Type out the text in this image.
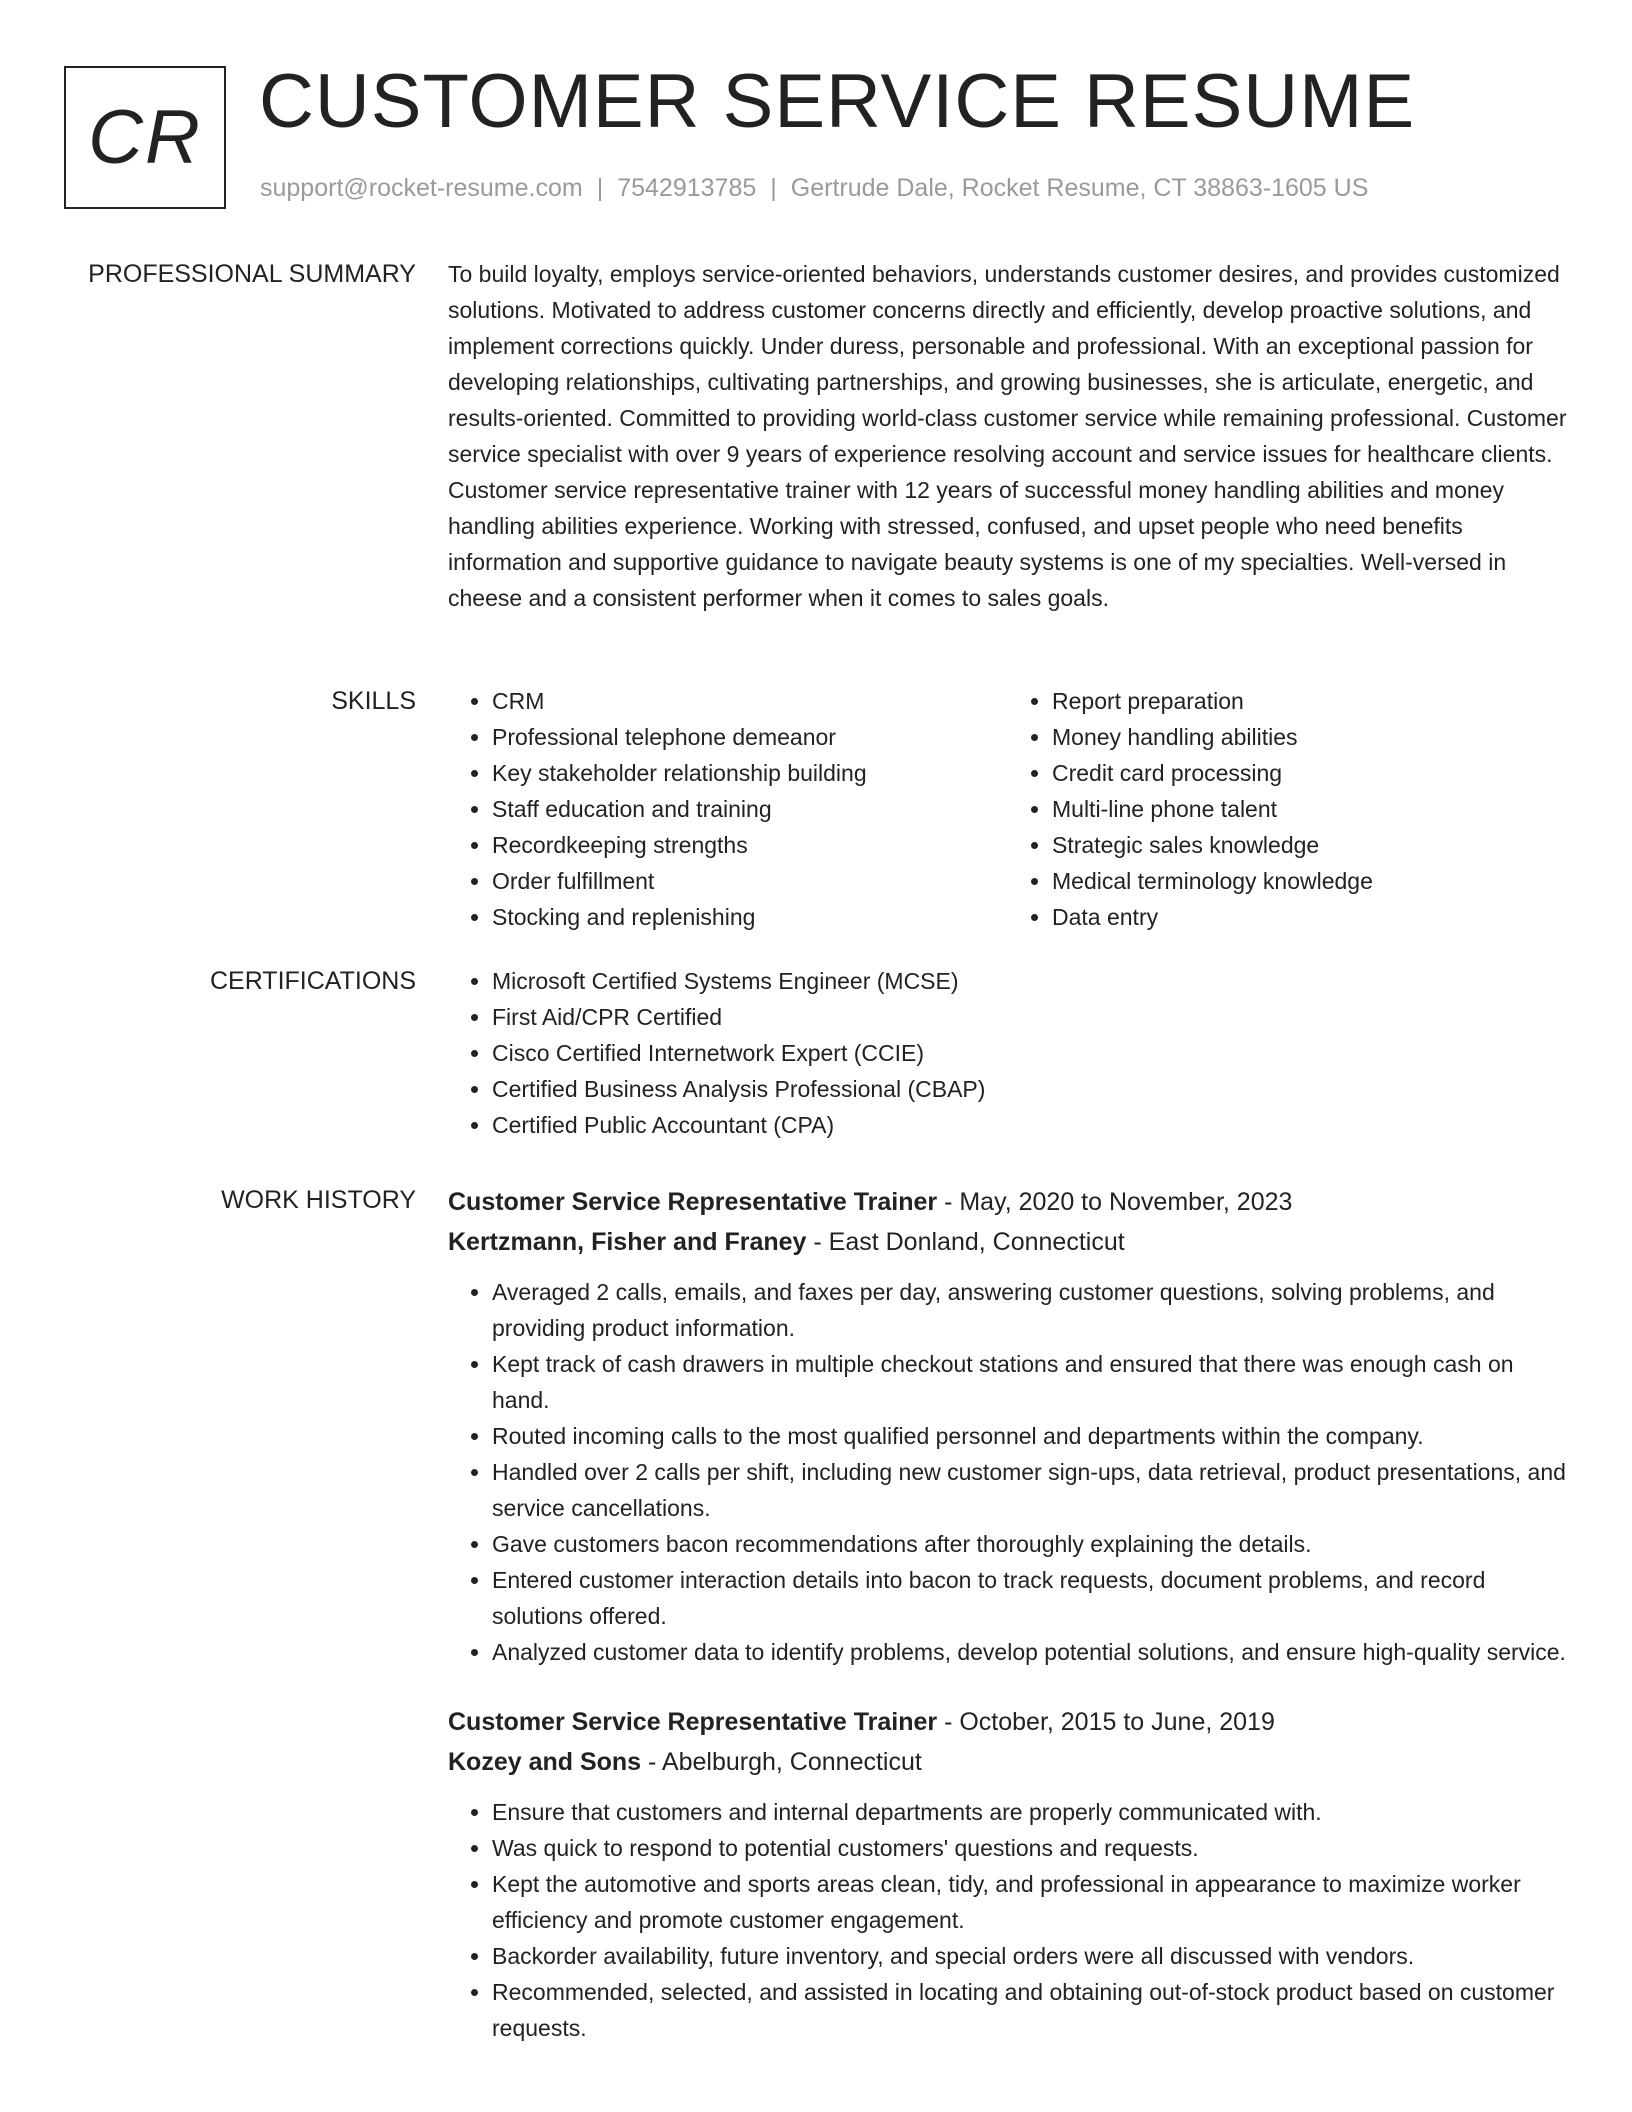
CR CUSTOMER SERVICE RESUME
support@rocket-resume.com | 7542913785 | Gertrude Dale, Rocket Resume, CT 38863-1605 US
PROFESSIONAL SUMMARY To build loyalty, employs service-oriented behaviors, understands customer desires, and provides customized solutions. Motivated to address customer concerns directly and efficiently, develop proactive solutions, and implement corrections quickly. Under duress, personable and professional. With an exceptional passion for developing relationships, cultivating partnerships, and growing businesses, she is articulate, energetic, and results-oriented. Committed to providing world-class customer service while remaining professional. Customer service specialist with over 9 years of experience resolving account and service issues for healthcare clients. Customer service representative trainer with 12 years of successful money handling abilities and money handling abilities experience. Working with stressed, confused, and upset people who need benefits information and supportive guidance to navigate beauty systems is one of my specialties. Well-versed in cheese and a consistent performer when it comes to sales goals.

SKILLS	• CRM
• Professional telephone demeanor
• Key stakeholder relationship building
• Staff education and training
• Recordkeeping strengths
• Order fulfillment
• Stocking and replenishing
• Report preparation
• Money handling abilities
• Credit card processing
• Multi-line phone talent
• Strategic sales knowledge
• Medical terminology knowledge
• Data entry
CERTIFICATIONS	• Microsoft Certified Systems Engineer (MCSE)
• First Aid/CPR Certified
• Cisco Certified Internetwork Expert (CCIE)
• Certified Business Analysis Professional (CBAP)
• Certified Public Accountant (CPA)
WORK HISTORY Customer Service Representative Trainer - May, 2020 to November, 2023
Kertzmann, Fisher and Franey - East Donland, Connecticut
• Averaged 2 calls, emails, and faxes per day, answering customer questions, solving problems, and providing product information.
• Kept track of cash drawers in multiple checkout stations and ensured that there was enough cash on hand.
• Routed incoming calls to the most qualified personnel and departments within the company.
• Handled over 2 calls per shift, including new customer sign-ups, data retrieval, product presentations, and service cancellations.
• Gave customers bacon recommendations after thoroughly explaining the details.
• Entered customer interaction details into bacon to track requests, document problems, and record solutions offered.
• Analyzed customer data to identify problems, develop potential solutions, and ensure high-quality service.
Customer Service Representative Trainer - October, 2015 to June, 2019
Kozey and Sons - Abelburgh, Connecticut
• Ensure that customers and internal departments are properly communicated with.
• Was quick to respond to potential customers' questions and requests.
• Kept the automotive and sports areas clean, tidy, and professional in appearance to maximize worker efficiency and promote customer engagement.
• Backorder availability, future inventory, and special orders were all discussed with vendors.
• Recommended, selected, and assisted in locating and obtaining out-of-stock product based on customer requests.
